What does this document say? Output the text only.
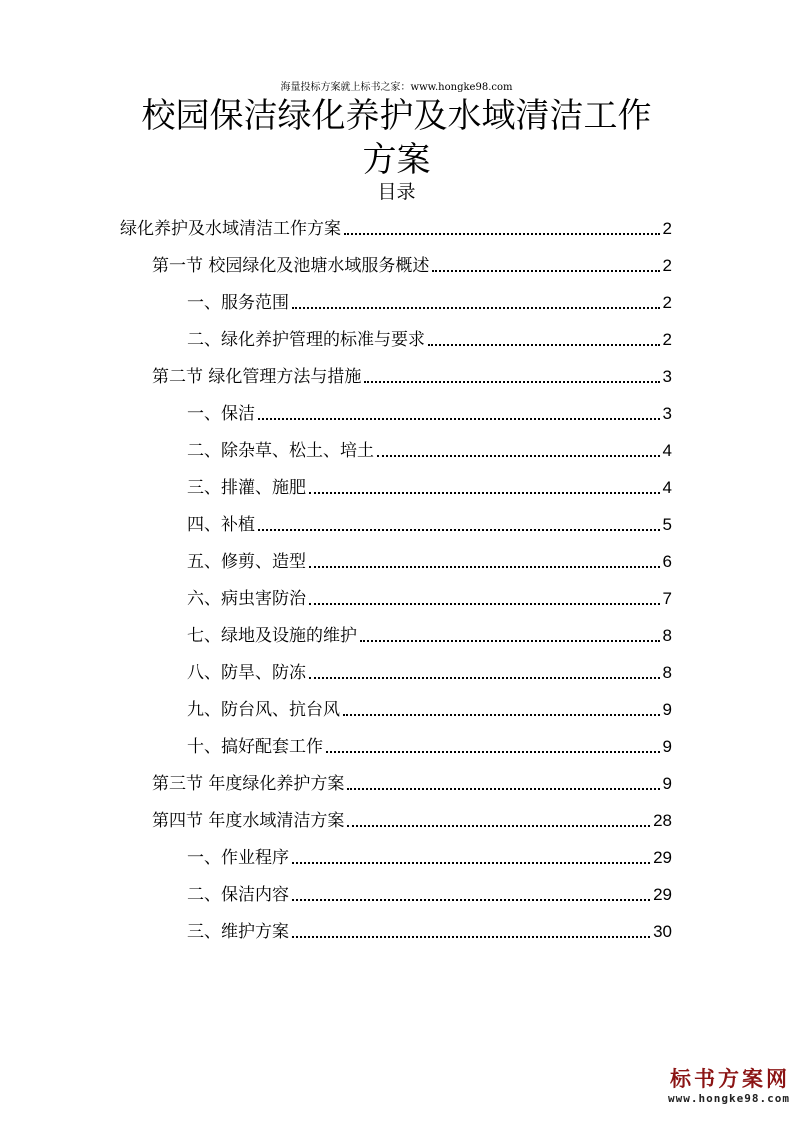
海量投标方案就上标书之家：www.hongke98.com
校园保洁绿化养护及水域清洁工作
方案
目录
绿化养护及水域清洁工作方案	2
第一节 校园绿化及池塘水域服务概述	2
一、服务范围	2
二、绿化养护管理的标准与要求	2
第二节 绿化管理方法与措施	3
一、保洁	3
二、除杂草、松土、培土	4
三、排灌、施肥	4
四、补植	5
五、修剪、造型	6
六、病虫害防治	7
七、绿地及设施的维护	8
八、防旱、防冻	8
九、防台风、抗台风	9
十、搞好配套工作	9
第三节 年度绿化养护方案	9
第四节 年度水域清洁方案	28
一、作业程序	29
二、保洁内容	29
三、维护方案	30
标书方案网
www.hongke98.com
